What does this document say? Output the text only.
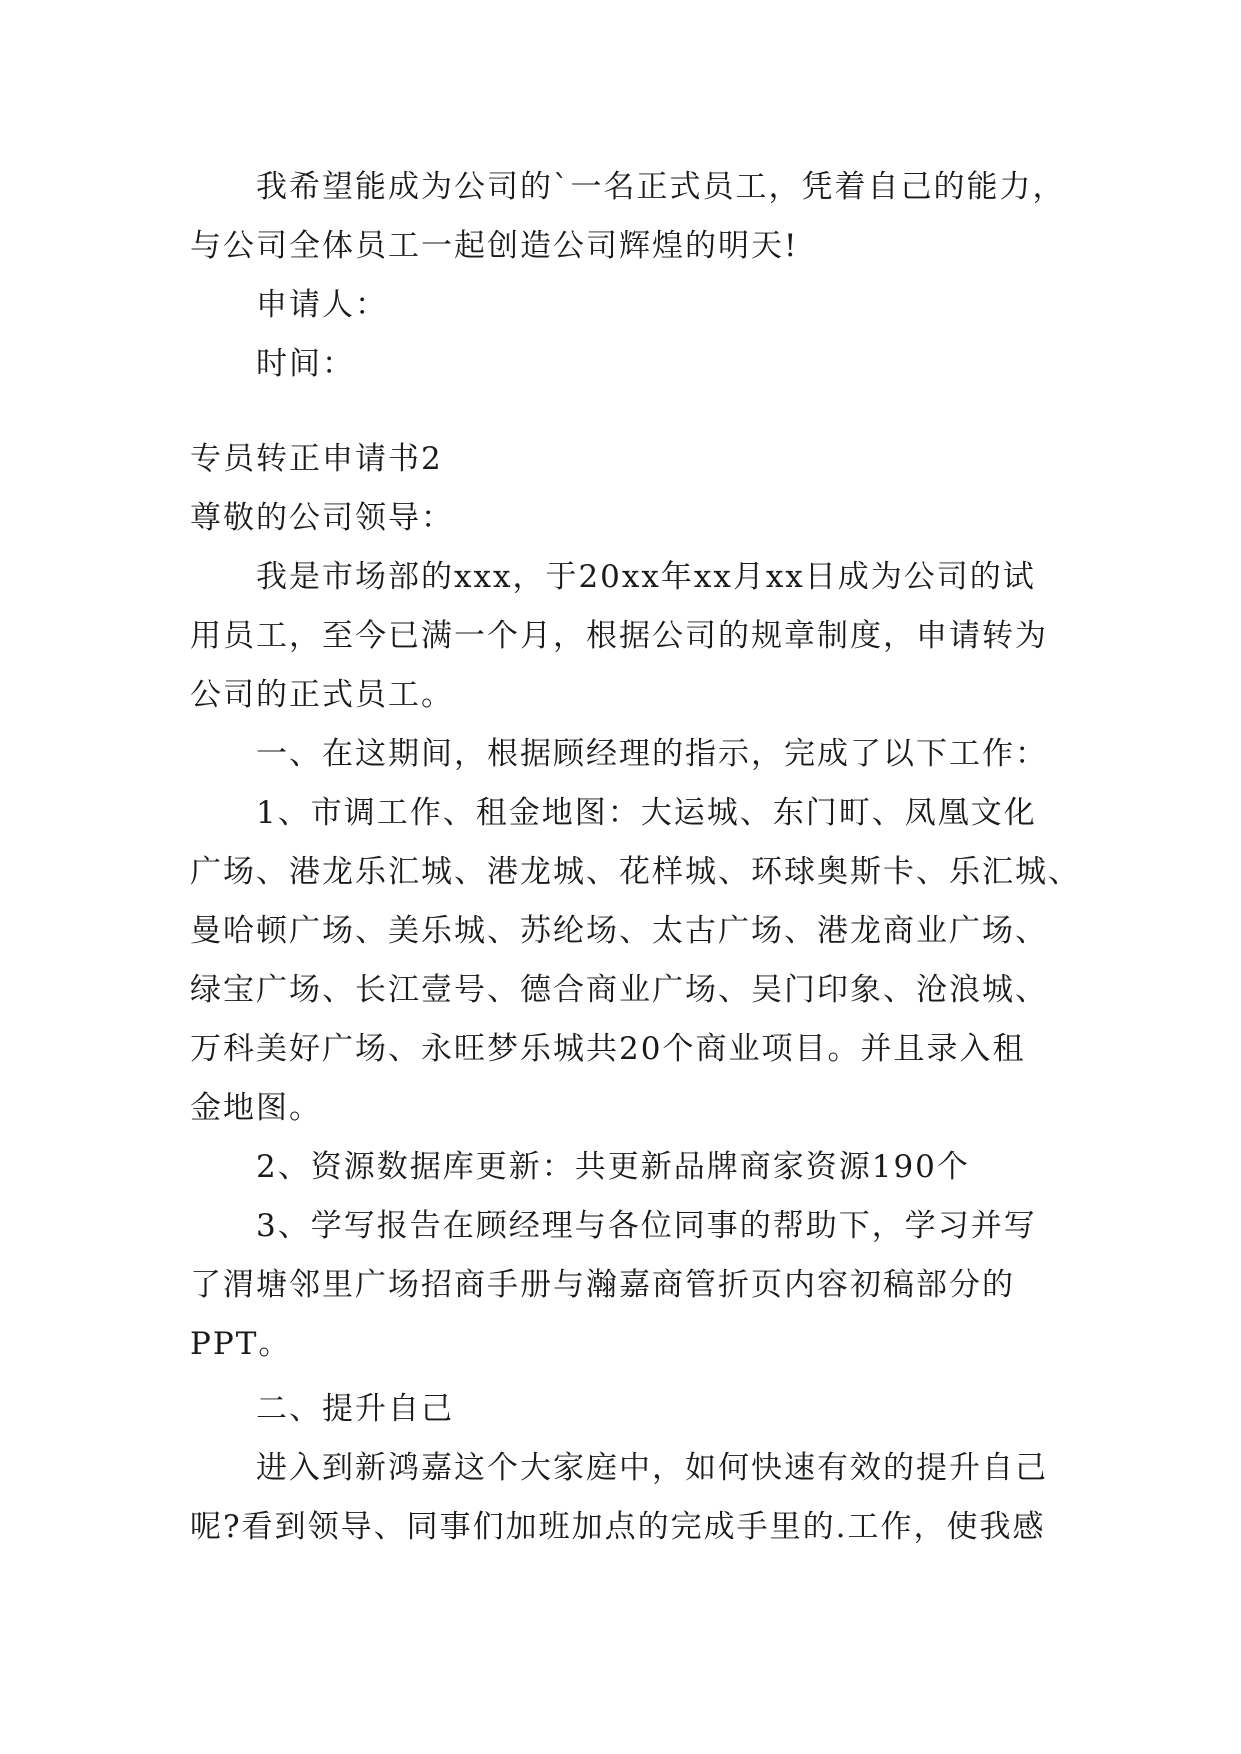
我希望能成为公司的`一名正式员工，凭着自己的能力，
与公司全体员工一起创造公司辉煌的明天!
申请人：
时间：
专员转正申请书2
尊敬的公司领导：
我是市场部的xxx，于20xx年xx月xx日成为公司的试
用员工，至今已满一个月，根据公司的规章制度，申请转为
公司的正式员工。
一、在这期间，根据顾经理的指示，完成了以下工作：
1、市调工作、租金地图：大运城、东门町、凤凰文化
广场、港龙乐汇城、港龙城、花样城、环球奥斯卡、乐汇城、
曼哈顿广场、美乐城、苏纶场、太古广场、港龙商业广场、
绿宝广场、长江壹号、德合商业广场、吴门印象、沧浪城、
万科美好广场、永旺梦乐城共20个商业项目。并且录入租
金地图。
2、资源数据库更新：共更新品牌商家资源190个
3、学写报告在顾经理与各位同事的帮助下，学习并写
了渭塘邻里广场招商手册与瀚嘉商管折页内容初稿部分的
PPT。
二、提升自己
进入到新鸿嘉这个大家庭中，如何快速有效的提升自己
呢?看到领导、同事们加班加点的完成手里的.工作，使我感
